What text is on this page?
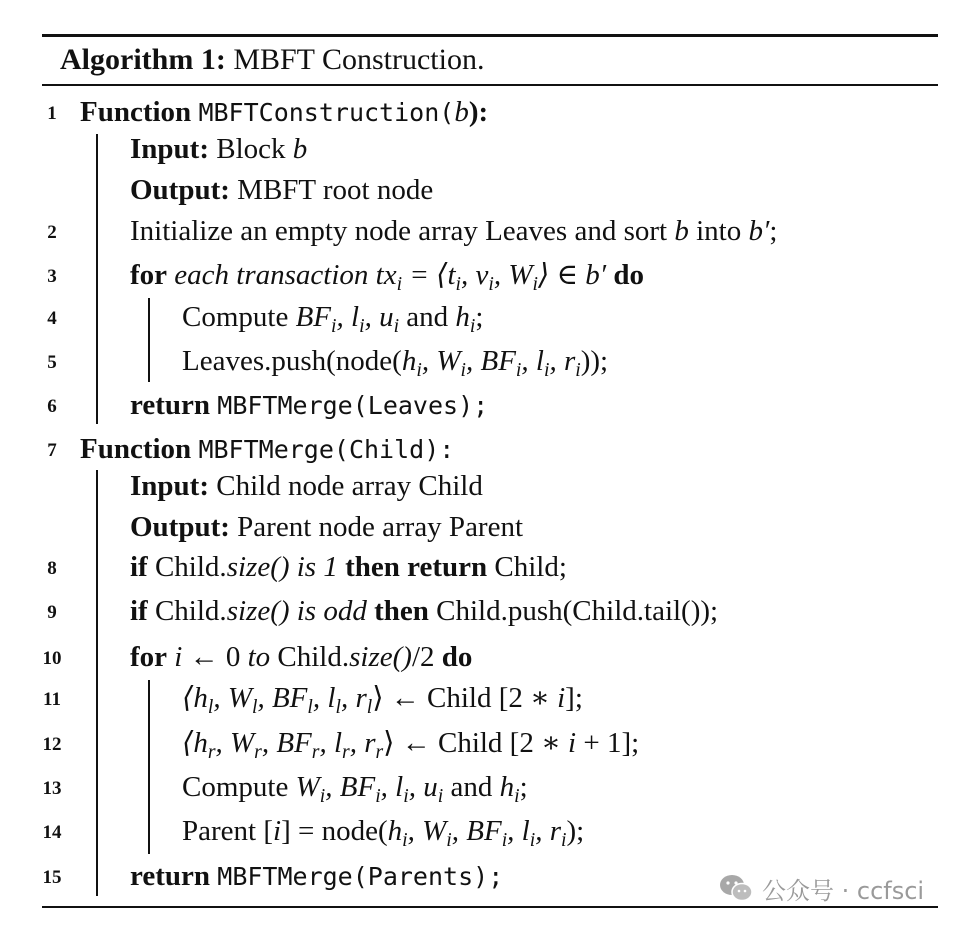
Algorithm 1: MBFT Construction.
1 Function MBFTConstruction(b):
Input: Block b
Output: MBFT root node
2	Initialize an empty node array Leaves and sort b into b′;
3	for each transaction $tx_i$ = $⟨t_i$, $v_i$, $W_i⟩$ ∈ b′ do
4	Compute $BF_i$, $l_i$, $u_i$ and $h_i$;
5	$Leaves.push(node(h_i$, $W_i$, $BF_i$, $l_i$, $r_i$));
6	return MBFTMerge(Leaves);
7 Function MBFTMerge(Child):
Input: Child node array Child
Output: Parent node array Parent
8	if Child.size() is 1 then return Child;
9	if Child.size() is odd then Child.push(Child.tail());
10 for i ← 0 to Child.size()/2 do
11	$⟨h_l$, $W_l$, $BF_l$, $l_l$, $r_l⟩$ ← Child [2 ∗ i];
12	$⟨h_r$, $W_r$, $BF_r$, $l_r$, $r_r⟩$ ← Child [2 ∗ i + 1];
13	Compute $W_i$, $BF_i$, $l_i$, $u_i$ and $h_i$;
14	Parent $[i] = node(h_i$, $W_i$, $BF_i$, $l_i$, $r_i$);
15 return MBFTMerge(Parents);	公众号 · ccfsci
